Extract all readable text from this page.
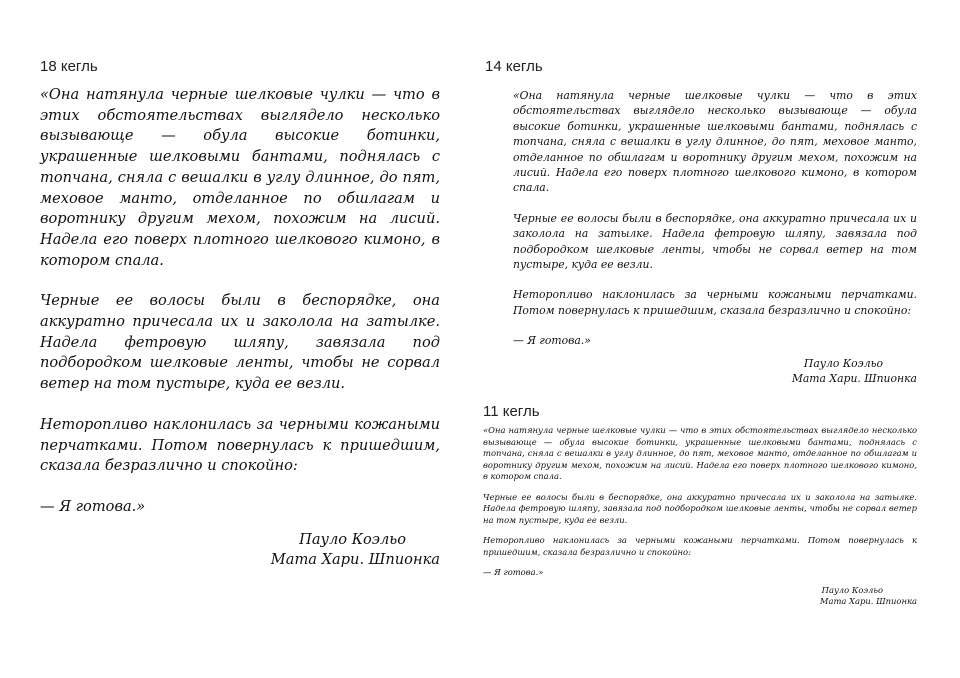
18 кегль	14 кегль
11 кегль

«Она натянула черные шелковые чулки — что в этих обстоятельствах выглядело несколько вызывающе — обула высокие ботинки, украшенные шелковыми бантами, поднялась с топчана, сняла с вешалки в углу длинное, до пят, меховое манто, отделанное по обшлагам и воротнику другим мехом, похожим на лисий. Надела его поверх плотного шелкового кимоно, в котором спала.

Черные ее волосы были в беспорядке, она аккуратно причесала их и заколола на затылке. Надела фетровую шляпу, завязала под подбородком шелковые ленты, чтобы не сорвал ветер на том пустыре, куда ее везли.

Неторопливо наклонилась за черными кожаными перчатками. Потом повернулась к пришедшим, сказала безразлично и спокойно:

— Я готова.»

Пауло Коэльо

Мата Хари. Шпионка

«Она натянула черные шелковые чулки — что в этих обстоятельствах выглядело несколько вызывающе — обула высокие ботинки, украшенные шелковыми бантами, поднялась с топчана, сняла с вешалки в углу длинное, до пят, меховое манто, отделанное по обшлагам и воротнику другим мехом, похожим на лисий. Надела его поверх плотного шелкового кимоно, в котором спала.

Черные ее волосы были в беспорядке, она аккуратно причесала их и заколола на затылке. Надела фетровую шляпу, завязала под подбородком шелковые ленты, чтобы не сорвал ветер на том пустыре, куда ее везли.

Неторопливо наклонилась за черными кожаными перчатками. Потом повернулась к пришедшим, сказала безразлично и спокойно:

— Я готова.»

Пауло Коэльо

Мата Хари. Шпионка

«Она натянула черные шелковые чулки — что в этих обстоятельствах выглядело несколько вызывающе — обула высокие ботинки, украшенные шелковыми бантами, поднялась с топчана, сняла с вешалки в углу длинное, до пят, меховое манто, отделанное по обшлагам и воротнику другим мехом, похожим на лисий. Надела его поверх плотного шелкового кимоно, в котором спала.

Черные ее волосы были в беспорядке, она аккуратно причесала их и заколола на затылке. Надела фетровую шляпу, завязала под подбородком шелковые ленты, чтобы не сорвал ветер на том пустыре, куда ее везли.

Неторопливо наклонилась за черными кожаными перчатками. Потом повернулась к пришедшим, сказала безразлично и спокойно:

— Я готова.»

Пауло Коэльо

Мата Хари. Шпионка
